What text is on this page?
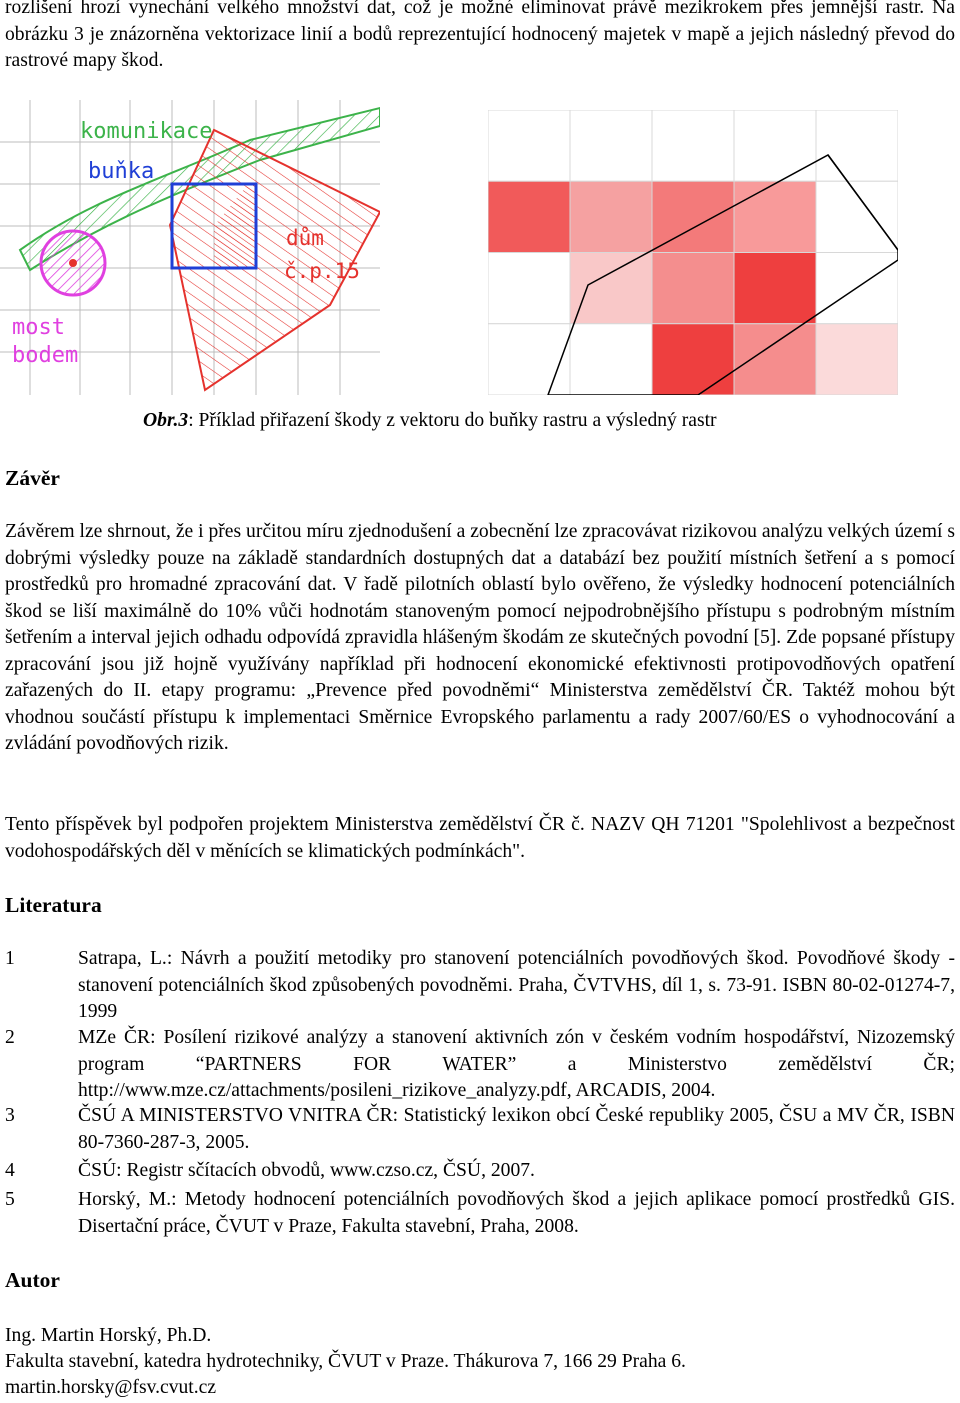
rozlišení hrozí vynechání velkého množství dat, což je možné eliminovat právě mezikrokem přes jemnější rastr. Na obrázku 3 je znázorněna vektorizace linií a bodů reprezentující hodnocený majetek v mapě a jejich následný převod do rastrové mapy škod.

komunikace
buňka
dům
č.p.15
most
bodem
Obr.3: Příklad přiřazení škody z vektoru do buňky rastru a výsledný rastr
Závěr

Závěrem lze shrnout, že i přes určitou míru zjednodušení a zobecnění lze zpracovávat rizikovou analýzu velkých území s dobrými výsledky pouze na základě standardních dostupných dat a databází bez použití místních šetření a s pomocí prostředků pro hromadné zpracování dat. V řadě pilotních oblastí bylo ověřeno, že výsledky hodnocení potenciálních škod se liší maximálně do 10% vůči hodnotám stanoveným pomocí nejpodrobnějšího přístupu s podrobným místním šetřením a interval jejich odhadu odpovídá zpravidla hlášeným škodám ze skutečných povodní [5]. Zde popsané přístupy zpracování jsou již hojně využívány například při hodnocení ekonomické efektivnosti protipovodňových opatření zařazených do II. etapy programu: „Prevence před povodněmi“ Ministerstva zemědělství ČR. Taktéž mohou být vhodnou součástí přístupu k implementaci Směrnice Evropského parlamentu a rady 2007/60/ES o vyhodnocování a zvládání povodňových rizik.

Tento příspěvek byl podpořen projektem Ministerstva zemědělství ČR č. NAZV QH 71201 "Spolehlivost a bezpečnost vodohospodářských děl v měnících se klimatických podmínkách".

Literatura
1	Satrapa, L.: Návrh a použití metodiky pro stanovení potenciálních povodňových škod. Povodňové škody - stanovení potenciálních škod způsobených povodněmi. Praha, ČVTVHS, díl 1, s. 73-91. ISBN 80-02-01274-7, 1999
2	MZe ČR: Posílení rizikové analýzy a stanovení aktivních zón v českém vodním hospodářství, Nizozemský program “PARTNERS FOR WATER” a Ministerstvo zemědělství ČR; http://www.mze.cz/attachments/posileni_rizikove_analyzy.pdf, ARCADIS, 2004.
3	ČSÚ A MINISTERSTVO VNITRA ČR: Statistický lexikon obcí České republiky 2005, ČSU a MV ČR, ISBN 80-7360-287-3, 2005.
4	ČSÚ: Registr sčítacích obvodů, www.czso.cz, ČSÚ, 2007.
5	Horský, M.: Metody hodnocení potenciálních povodňových škod a jejich aplikace pomocí prostředků GIS. Disertační práce, ČVUT v Praze, Fakulta stavební, Praha, 2008.
Autor
Ing. Martin Horský, Ph.D.
Fakulta stavební, katedra hydrotechniky, ČVUT v Praze. Thákurova 7, 166 29 Praha 6.
martin.horsky@fsv.cvut.cz
